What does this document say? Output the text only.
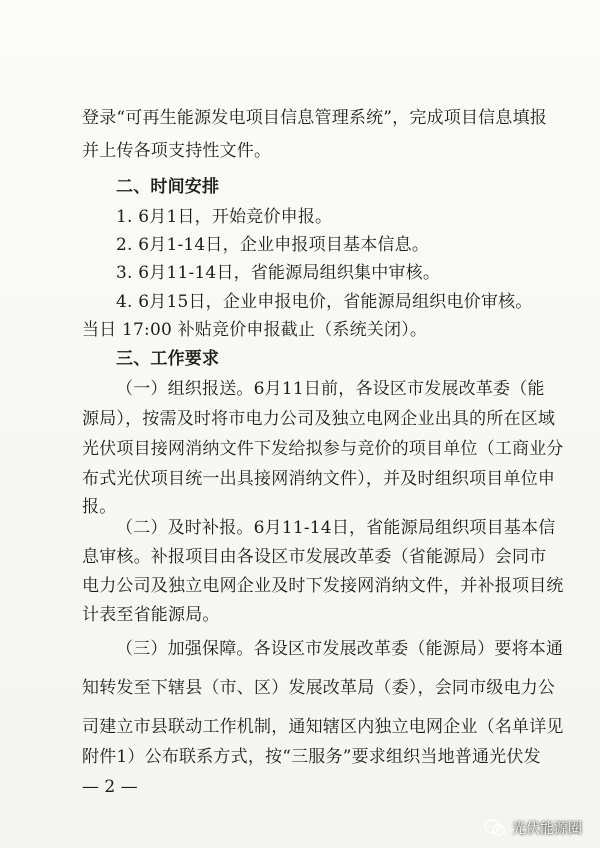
登录“可再生能源发电项目信息管理系统”，完成项目信息填报
并上传各项支持性文件。
二、时间安排
1. 6月1日，开始竞价申报。
2. 6月1-14日，企业申报项目基本信息。
3. 6月11-14日，省能源局组织集中审核。
4. 6月15日，企业申报电价，省能源局组织电价审核。
当日 17:00 补贴竞价申报截止（系统关闭）。
三、工作要求
（一）组织报送。6月11日前，各设区市发展改革委（能
源局），按需及时将市电力公司及独立电网企业出具的所在区域
光伏项目接网消纳文件下发给拟参与竞价的项目单位（工商业分
布式光伏项目统一出具接网消纳文件），并及时组织项目单位申
报。
（二）及时补报。6月11-14日，省能源局组织项目基本信
息审核。补报项目由各设区市发展改革委（省能源局）会同市
电力公司及独立电网企业及时下发接网消纳文件，并补报项目统
计表至省能源局。
（三）加强保障。各设区市发展改革委（能源局）要将本通
知转发至下辖县（市、区）发展改革局（委），会同市级电力公
司建立市县联动工作机制，通知辖区内独立电网企业（名单详见
— 2 —
光伏能源圈
附件1）公布联系方式，按“三服务”要求组织当地普通光伏发
